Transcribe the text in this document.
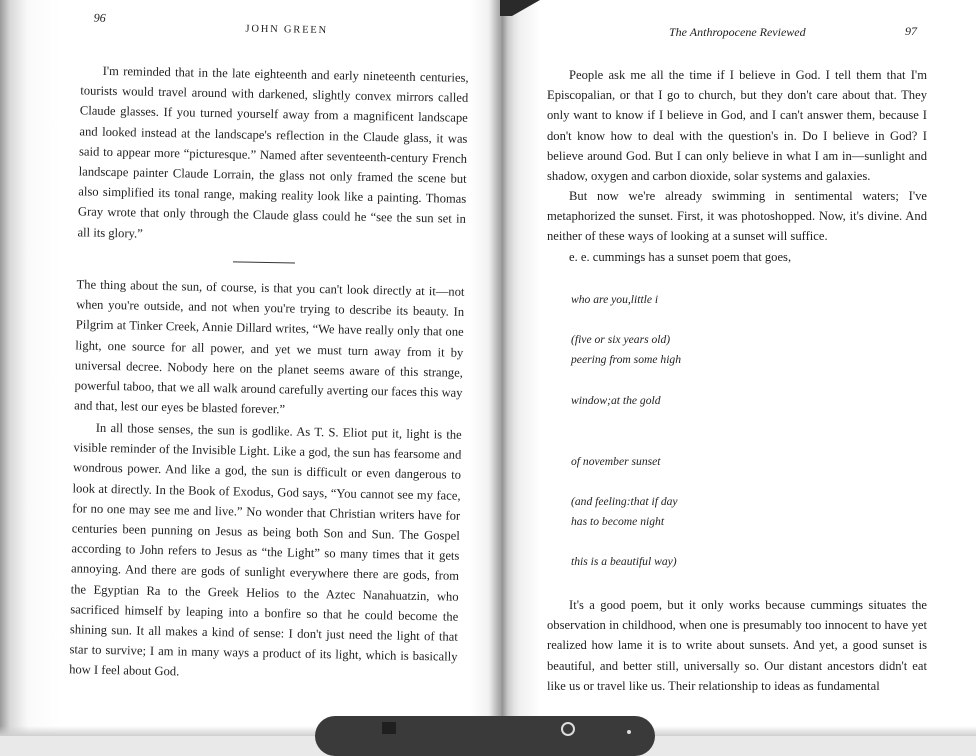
96
JOHN GREEN

I'm reminded that in the late eighteenth and early nineteenth centuries, tourists would travel around with darkened, slightly convex mirrors called Claude glasses. If you turned yourself away from a magnificent landscape and looked instead at the landscape's reflection in the Claude glass, it was said to appear more “picturesque.” Named after seventeenth-century French landscape painter Claude Lorrain, the glass not only framed the scene but also simplified its tonal range, making reality look like a painting. Thomas Gray wrote that only through the Claude glass could he “see the sun set in all its glory.”

The thing about the sun, of course, is that you can't look directly at it—not when you're outside, and not when you're trying to describe its beauty. In Pilgrim at Tinker Creek, Annie Dillard writes, “We have really only that one light, one source for all power, and yet we must turn away from it by universal decree. Nobody here on the planet seems aware of this strange, powerful taboo, that we all walk around carefully averting our faces this way and that, lest our eyes be blasted forever.”

In all those senses, the sun is godlike. As T. S. Eliot put it, light is the visible reminder of the Invisible Light. Like a god, the sun has fearsome and wondrous power. And like a god, the sun is difficult or even dangerous to look at directly. In the Book of Exodus, God says, “You cannot see my face, for no one may see me and live.” No wonder that Christian writers have for centuries been punning on Jesus as being both Son and Sun. The Gospel according to John refers to Jesus as “the Light” so many times that it gets annoying. And there are gods of sunlight everywhere there are gods, from the Egyptian Ra to the Greek Helios to the Aztec Nanahuatzin, who sacrificed himself by leaping into a bonfire so that he could become the shining sun. It all makes a kind of sense: I don't just need the light of that star to survive; I am in many ways a product of its light, which is basically how I feel about God.

The Anthropocene Reviewed	97

People ask me all the time if I believe in God. I tell them that I'm Episcopalian, or that I go to church, but they don't care about that. They only want to know if I believe in God, and I can't answer them, because I don't know how to deal with the question's in. Do I believe in God? I believe around God. But I can only believe in what I am in—sunlight and shadow, oxygen and carbon dioxide, solar systems and galaxies.

But now we're already swimming in sentimental waters; I've metaphorized the sunset. First, it was photoshopped. Now, it's divine. And neither of these ways of looking at a sunset will suffice.

e. e. cummings has a sunset poem that goes,

who are you,little i
(five or six years old)
peering from some high
window;at the gold
of november sunset
(and feeling:that if day
has to become night
this is a beautiful way)

It's a good poem, but it only works because cummings situates the observation in childhood, when one is presumably too innocent to have yet realized how lame it is to write about sunsets. And yet, a good sunset is beautiful, and better still, universally so. Our distant ancestors didn't eat like us or travel like us. Their relationship to ideas as fundamental
